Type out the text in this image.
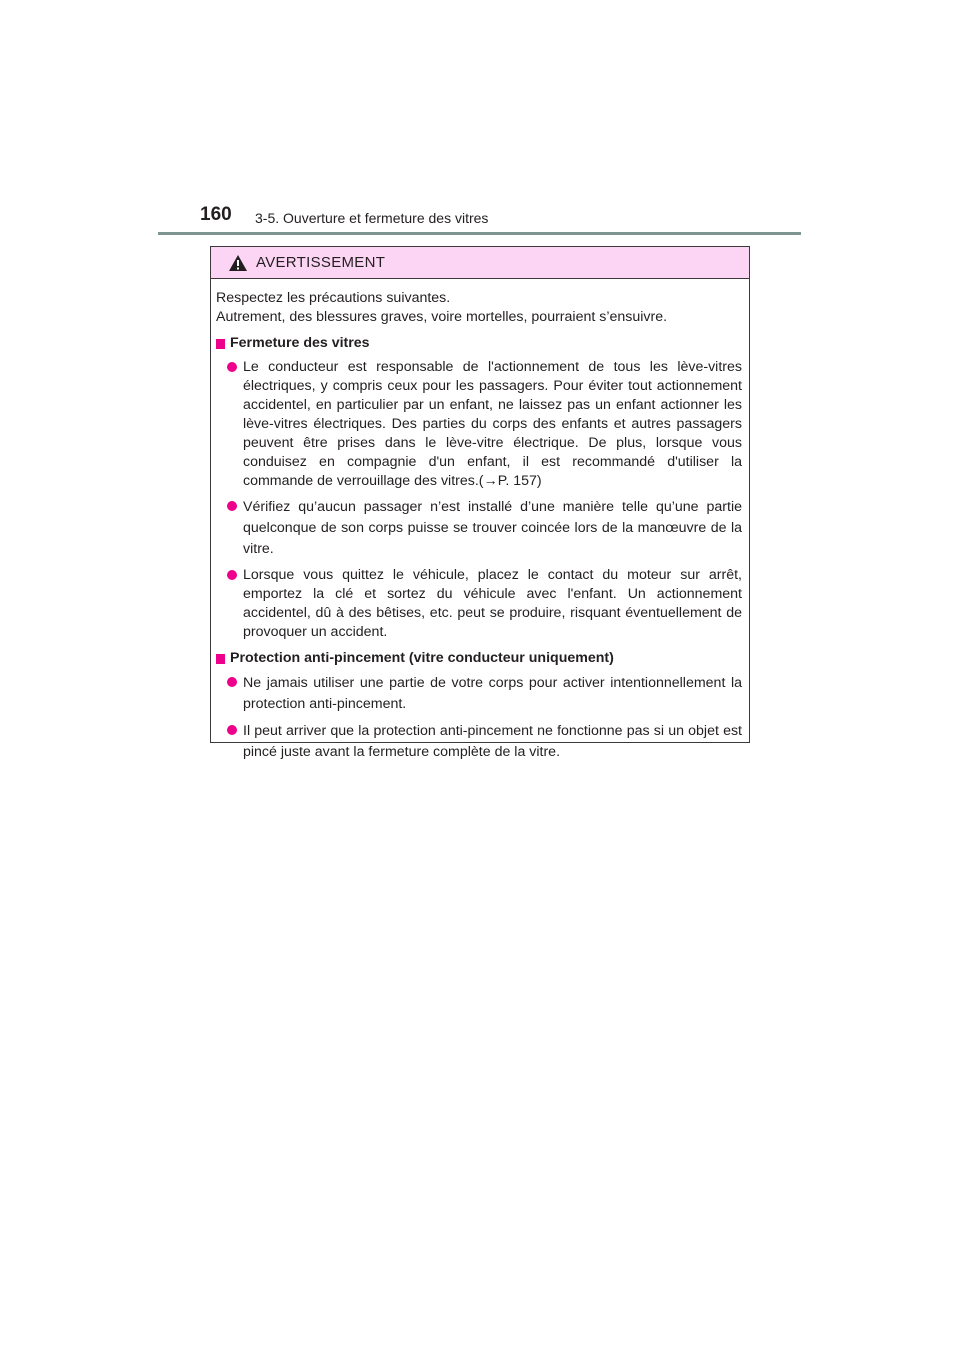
160 3-5. Ouverture et fermeture des vitres
AVERTISSEMENT

Respectez les précautions suivantes.

Autrement, des blessures graves, voire mortelles, pourraient s’ensuivre.

Fermeture des vitres
Le conducteur est responsable de l'actionnement de tous les lève-vitres électriques, y compris ceux pour les passagers. Pour éviter tout actionnement accidentel, en particulier par un enfant, ne laissez pas un enfant actionner les lève-vitres électriques. Des parties du corps des enfants et autres passagers peuvent être prises dans le lève-vitre électrique. De plus, lorsque vous conduisez en compagnie d'un enfant, il est recommandé d'utiliser la commande de verrouillage des vitres.(→P. 157)
Vérifiez qu’aucun passager n’est installé d’une manière telle qu’une partie quelconque de son corps puisse se trouver coincée lors de la manœuvre de la vitre.
Lorsque vous quittez le véhicule, placez le contact du moteur sur arrêt, emportez la clé et sortez du véhicule avec l'enfant. Un actionnement accidentel, dû à des bêtises, etc. peut se produire, risquant éventuellement de provoquer un accident.
Protection anti-pincement (vitre conducteur uniquement)
Ne jamais utiliser une partie de votre corps pour activer intentionnellement la protection anti-pincement.
Il peut arriver que la protection anti-pincement ne fonctionne pas si un objet est pincé juste avant la fermeture complète de la vitre.
